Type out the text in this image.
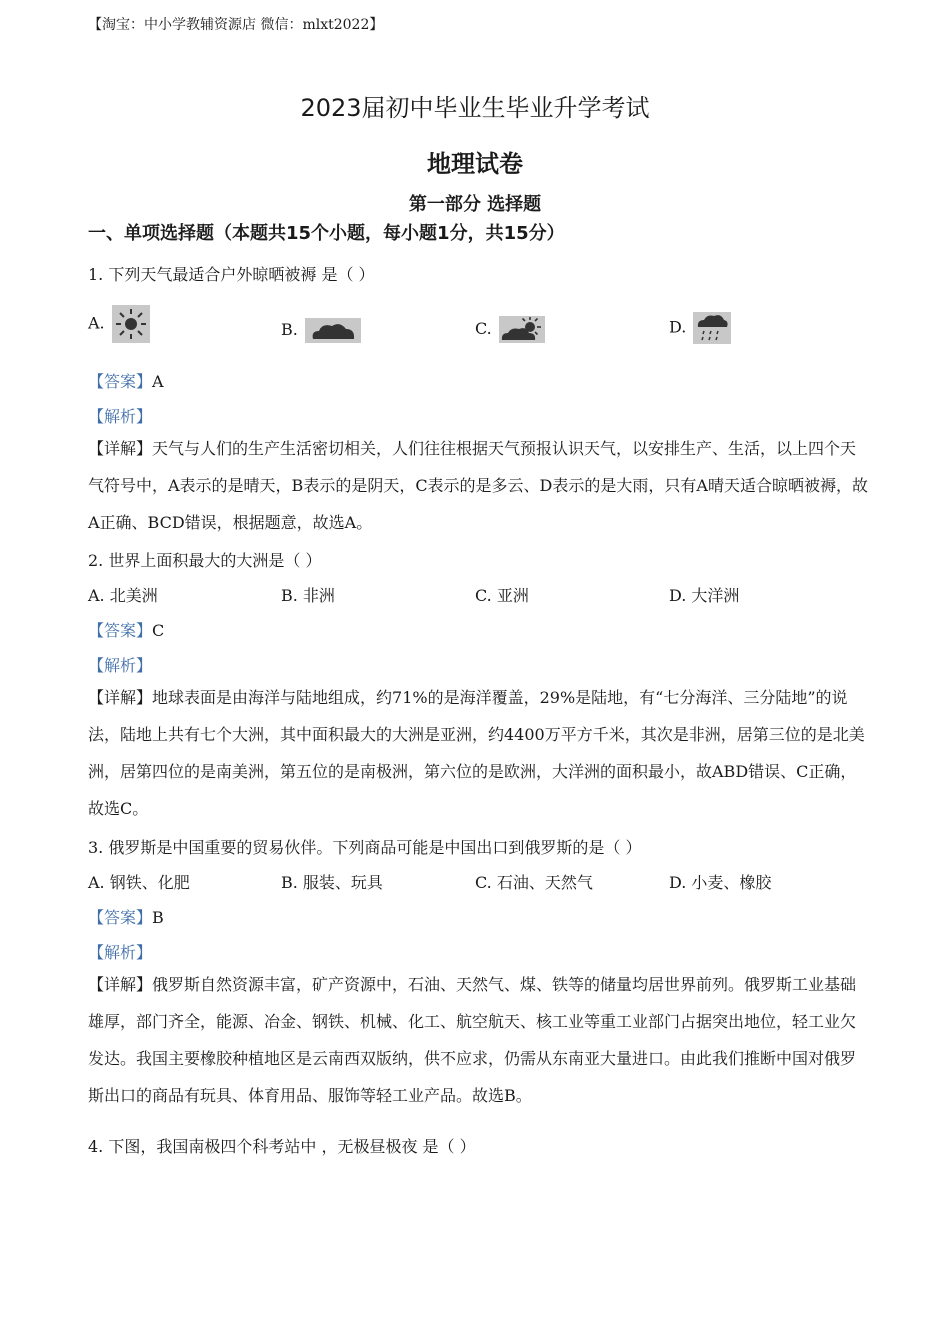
【淘宝：中小学教辅资源店 微信：mlxt2022】
2023届初中毕业生毕业升学考试
地理试卷
第一部分 选择题
一、单项选择题（本题共15个小题，每小题1分，共15分）
1. 下列天气最适合户外晾晒被褥 是（ ）
A.	B.	C.	D.
【答案】A
【解析】
【详解】天气与人们的生产生活密切相关，人们往往根据天气预报认识天气，以安排生产、生活，以上四个天气符号中，A表示的是晴天，B表示的是阴天，C表示的是多云、D表示的是大雨，只有A晴天适合晾晒被褥，故A正确、BCD错误，根据题意，故选A。
2. 世界上面积最大的大洲是（ ）
A. 北美洲	B. 非洲	C. 亚洲	D. 大洋洲
【答案】C
【解析】
【详解】地球表面是由海洋与陆地组成，约71%的是海洋覆盖，29%是陆地，有“七分海洋、三分陆地”的说法，陆地上共有七个大洲，其中面积最大的大洲是亚洲，约4400万平方千米，其次是非洲，居第三位的是北美洲，居第四位的是南美洲，第五位的是南极洲，第六位的是欧洲，大洋洲的面积最小，故ABD错误、C正确，故选C。
3. 俄罗斯是中国重要的贸易伙伴。下列商品可能是中国出口到俄罗斯的是（ ）
A. 钢铁、化肥	B. 服装、玩具	C. 石油、天然气	D. 小麦、橡胶
【答案】B
【解析】
【详解】俄罗斯自然资源丰富，矿产资源中，石油、天然气、煤、铁等的储量均居世界前列。俄罗斯工业基础雄厚，部门齐全，能源、冶金、钢铁、机械、化工、航空航天、核工业等重工业部门占据突出地位，轻工业欠发达。我国主要橡胶种植地区是云南西双版纳，供不应求，仍需从东南亚大量进口。由此我们推断中国对俄罗斯出口的商品有玩具、体育用品、服饰等轻工业产品。故选B。
4. 下图，我国南极四个科考站中 ，无极昼极夜 是（ ）
